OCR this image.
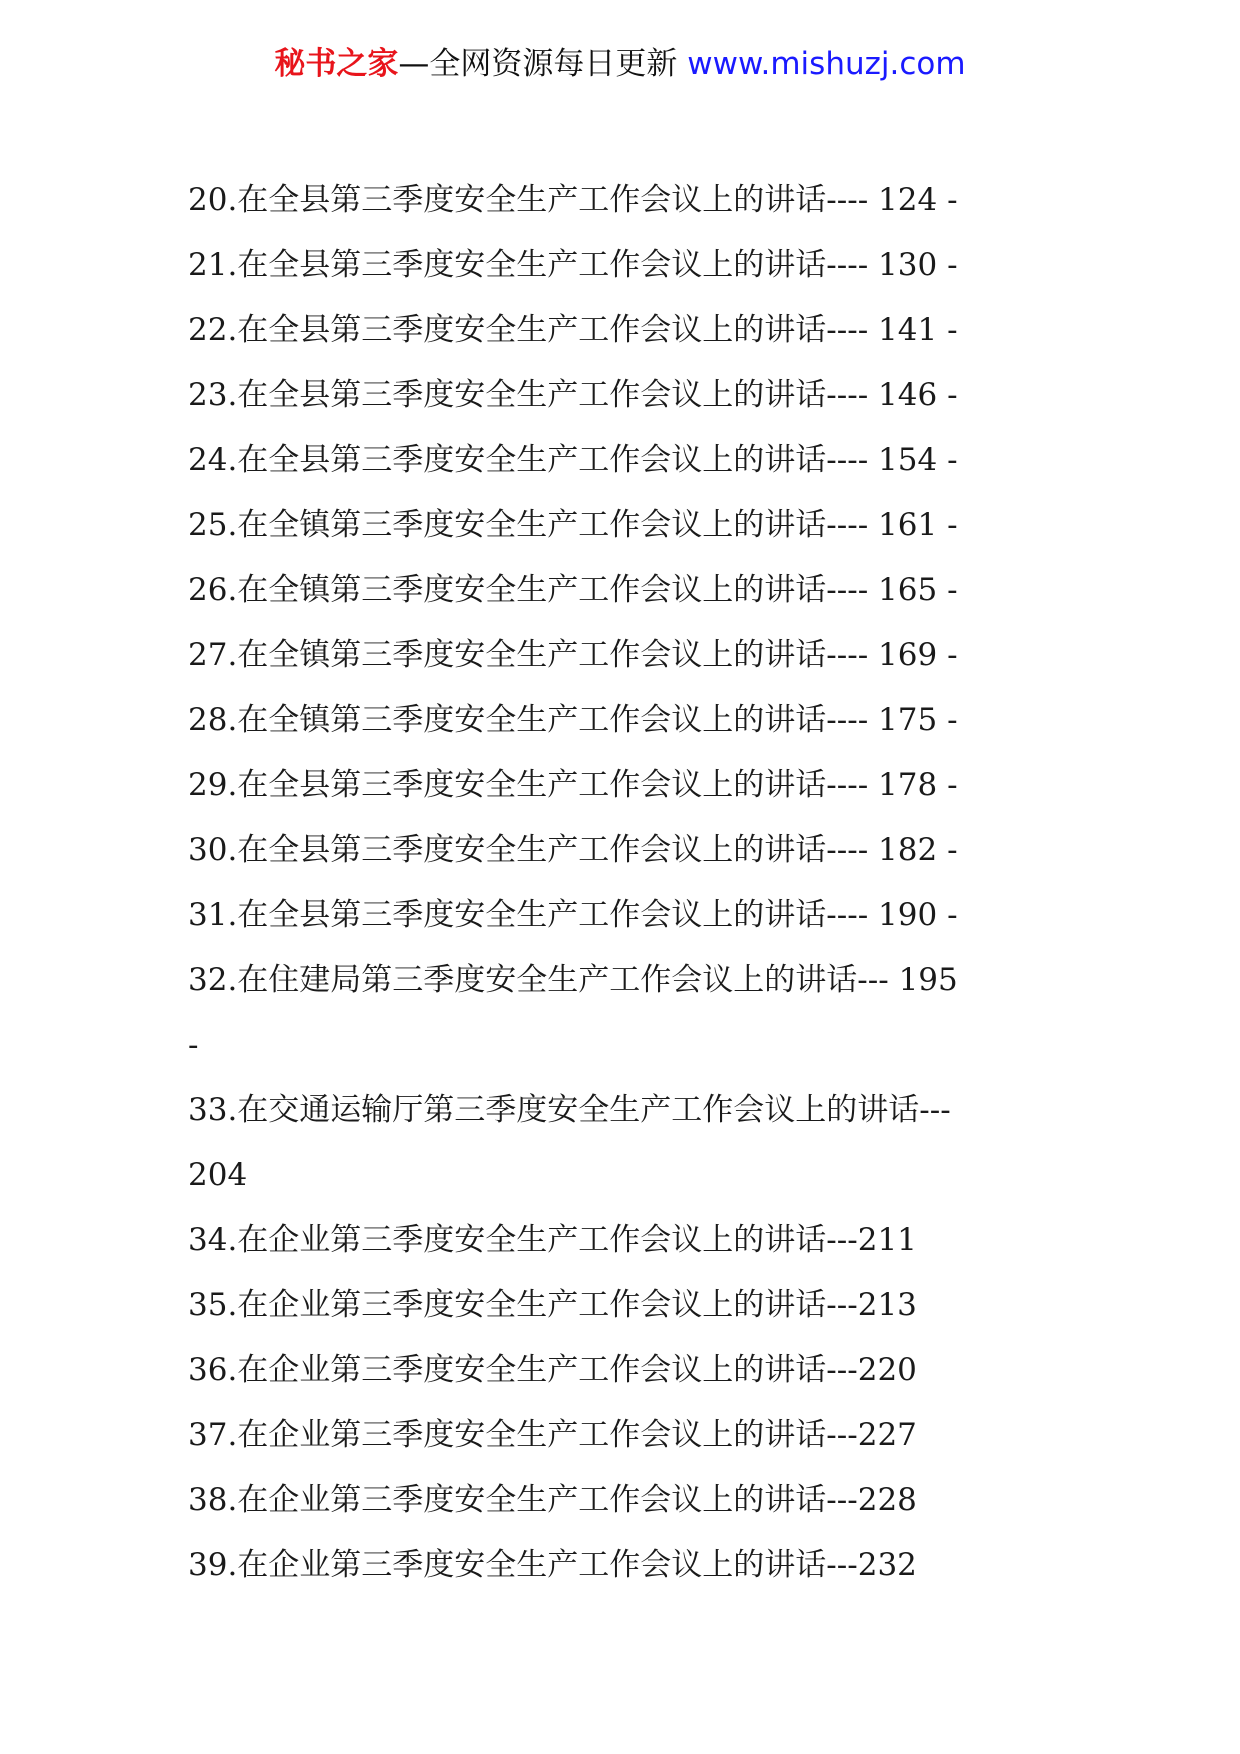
秘书之家—全网资源每日更新 www.mishuzj.com
20.在全县第三季度安全生产工作会议上的讲话---- 124 -
21.在全县第三季度安全生产工作会议上的讲话---- 130 -
22.在全县第三季度安全生产工作会议上的讲话---- 141 -
23.在全县第三季度安全生产工作会议上的讲话---- 146 -
24.在全县第三季度安全生产工作会议上的讲话---- 154 -
25.在全镇第三季度安全生产工作会议上的讲话---- 161 -
26.在全镇第三季度安全生产工作会议上的讲话---- 165 -
27.在全镇第三季度安全生产工作会议上的讲话---- 169 -
28.在全镇第三季度安全生产工作会议上的讲话---- 175 -
29.在全县第三季度安全生产工作会议上的讲话---- 178 -
30.在全县第三季度安全生产工作会议上的讲话---- 182 -
31.在全县第三季度安全生产工作会议上的讲话---- 190 -
32.在住建局第三季度安全生产工作会议上的讲话--- 195
-
33.在交通运输厅第三季度安全生产工作会议上的讲话---
204
34.在企业第三季度安全生产工作会议上的讲话---211
35.在企业第三季度安全生产工作会议上的讲话---213
36.在企业第三季度安全生产工作会议上的讲话---220
37.在企业第三季度安全生产工作会议上的讲话---227
38.在企业第三季度安全生产工作会议上的讲话---228
39.在企业第三季度安全生产工作会议上的讲话---232
